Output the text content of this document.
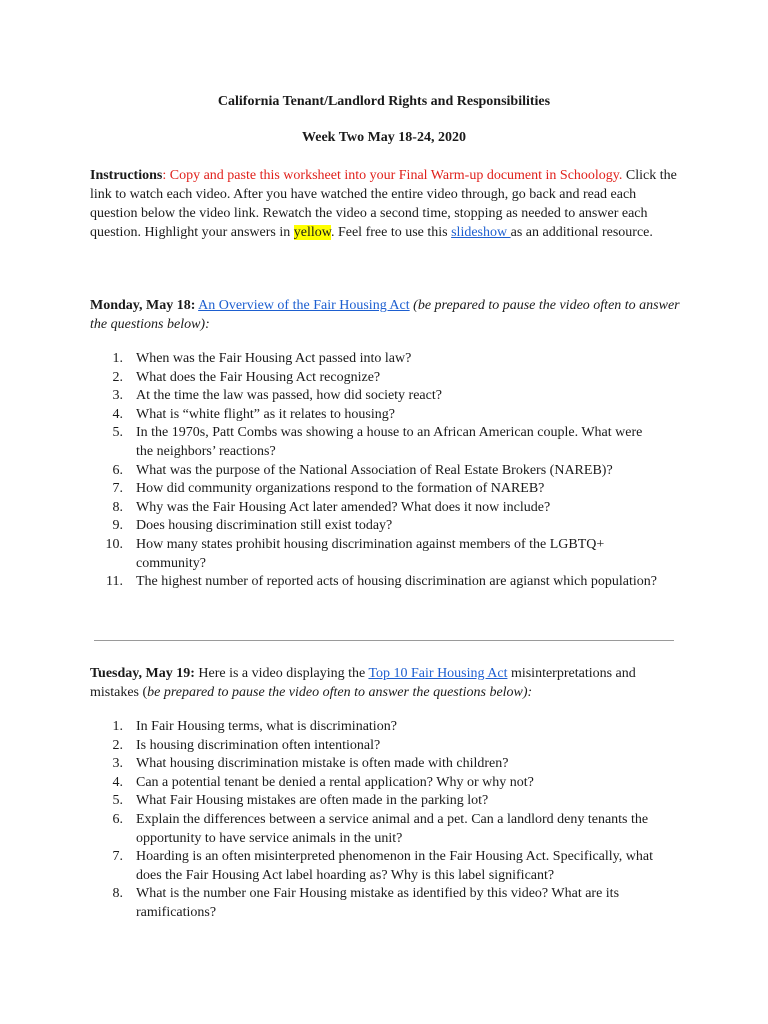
California Tenant/Landlord Rights and Responsibilities
Week Two May 18-24, 2020
Instructions: Copy and paste this worksheet into your Final Warm-up document in Schoology. Click the link to watch each video. After you have watched the entire video through, go back and read each question below the video link. Rewatch the video a second time, stopping as needed to answer each question. Highlight your answers in yellow. Feel free to use this slideshow as an additional resource.
Monday, May 18: An Overview of the Fair Housing Act (be prepared to pause the video often to answer the questions below):
1. When was the Fair Housing Act passed into law?
2. What does the Fair Housing Act recognize?
3. At the time the law was passed, how did society react?
4. What is “white flight” as it relates to housing?
5. In the 1970s, Patt Combs was showing a house to an African American couple. What were the neighbors’ reactions?
6. What was the purpose of the National Association of Real Estate Brokers (NAREB)?
7. How did community organizations respond to the formation of NAREB?
8. Why was the Fair Housing Act later amended? What does it now include?
9. Does housing discrimination still exist today?
10. How many states prohibit housing discrimination against members of the LGBTQ+ community?
11. The highest number of reported acts of housing discrimination are agianst which population?
Tuesday, May 19: Here is a video displaying the Top 10 Fair Housing Act misinterpretations and mistakes (be prepared to pause the video often to answer the questions below):
1. In Fair Housing terms, what is discrimination?
2. Is housing discrimination often intentional?
3. What housing discrimination mistake is often made with children?
4. Can a potential tenant be denied a rental application? Why or why not?
5. What Fair Housing mistakes are often made in the parking lot?
6. Explain the differences between a service animal and a pet. Can a landlord deny tenants the opportunity to have service animals in the unit?
7. Hoarding is an often misinterpreted phenomenon in the Fair Housing Act. Specifically, what does the Fair Housing Act label hoarding as? Why is this label significant?
8. What is the number one Fair Housing mistake as identified by this video? What are its ramifications?
